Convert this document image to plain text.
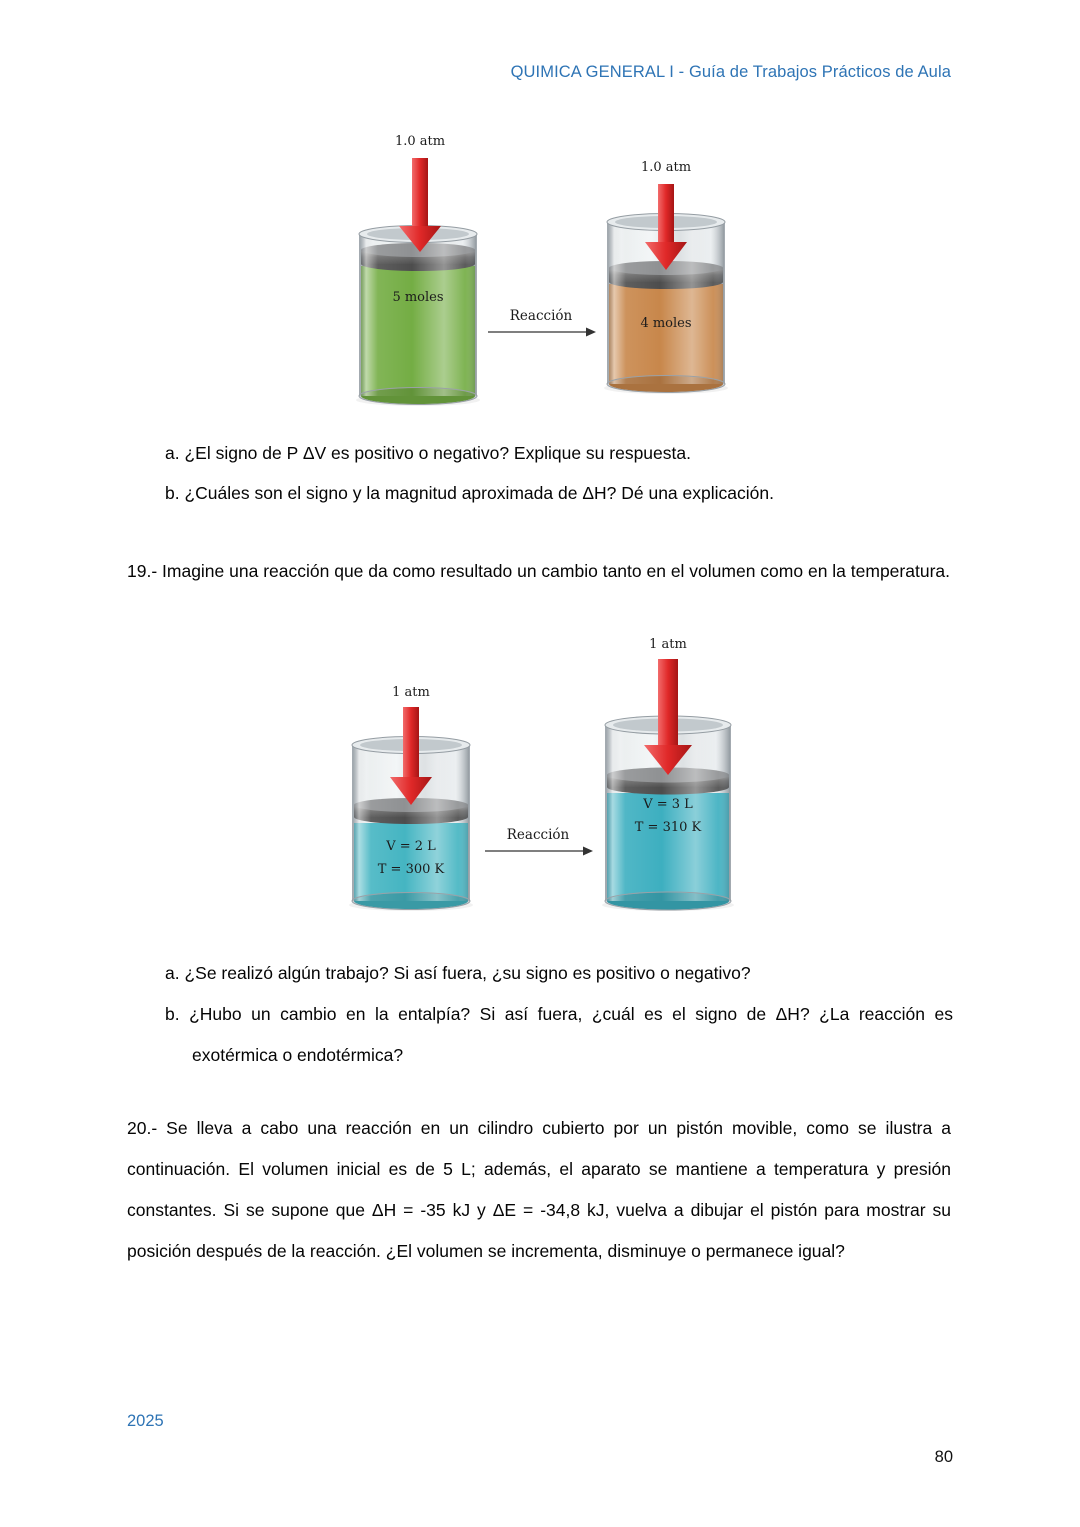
QUIMICA GENERAL I - Guía de Trabajos Prácticos de Aula
1.0 atm
5 moles
Reacción
1.0 atm
4 moles
a. ¿El signo de P ΔV es positivo o negativo? Explique su respuesta.
b. ¿Cuáles son el signo y la magnitud aproximada de ΔH? Dé una explicación.
19.- Imagine una reacción que da como resultado un cambio tanto en el volumen como en la temperatura.
1 atm
V = 2 L
T = 300 K
Reacción
1 atm
V = 3 L
T = 310 K
a. ¿Se realizó algún trabajo? Si así fuera, ¿su signo es positivo o negativo?
b. ¿Hubo un cambio en la entalpía? Si así fuera, ¿cuál es el signo de ΔH? ¿La reacción es exotérmica o endotérmica?
20.- Se lleva a cabo una reacción en un cilindro cubierto por un pistón movible, como se ilustra a continuación. El volumen inicial es de 5 L; además, el aparato se mantiene a temperatura y presión constantes. Si se supone que ΔH = -35 kJ y ΔE = -34,8 kJ, vuelva a dibujar el pistón para mostrar su posición después de la reacción. ¿El volumen se incrementa, disminuye o permanece igual?
2025
80
